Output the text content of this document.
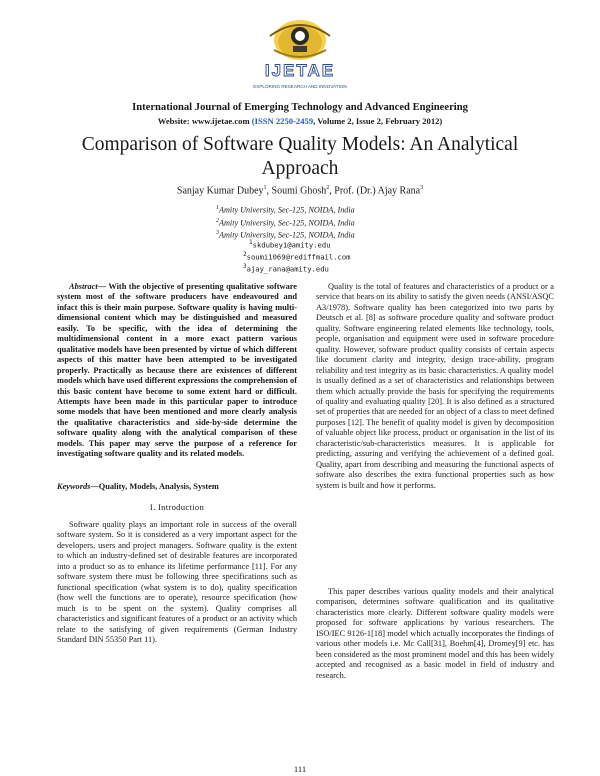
IJETAE
EXPLORING RESEARCH AND INNOVATION
International Journal of Emerging Technology and Advanced Engineering
Website: www.ijetae.com (ISSN 2250-2459, Volume 2, Issue 2, February 2012)
Comparison of Software Quality Models: An Analytical Approach
Sanjay Kumar Dubey$^1$, Soumi Ghosh$^2$, Prof. (Dr.) Ajay Rana$^3$
$^1$Amity University, Sec-125, NOIDA, India
$^2$Amity University, Sec-125, NOIDA, India
$^3$Amity University, Sec-125, NOIDA, India
$^1$skdubey1@amity.edu
$^2$soumi1069@rediffmail.com
$^3$ajay_rana@amity.edu
Abstract— With the objective of presenting qualitative software system most of the software producers have endeavoured and infact this is their main purpose. Software quality is having multi-dimensional content which may be distinguished and measured easily. To be specific, with the idea of determining the multidimensional content in a more exact pattern various qualitative models have been presented by virtue of which different aspects of this matter have been attempted to be investigated properly. Practically as because there are existences of different models which have used different expressions the comprehension of this basic content have become to some extent hard or difficult. Attempts have been made in this particular paper to introduce some models that have been mentioned and more clearly analysis the qualitative characteristics and side-by-side determine the software quality along with the analytical comparison of these models. This paper may serve the purpose of a reference for investigating software quality and its related models.
Keywords—Quality, Models, Analysis, System
I. Introduction
Software quality plays an important role in success of the overall software system. So it is considered as a very important aspect for the developers, users and project managers. Software quality is the extent to which an industry-defined set of desirable features are incorporated into a product so as to enhance its lifetime performance [11]. For any software system there must be following three specifications such as functional specification (what system is to do), quality specification (how well the functions are to operate), resource specification (how much is to be spent on the system). Quality comprises all characteristics and significant features of a product or an activity which relate to the satisfying of given requirements (German Industry Standard DIN 55350 Part 11).
Quality is the total of features and characteristics of a product or a service that bears on its ability to satisfy the given needs (ANSI/ASQC A3/1978). Software quality has been categorized into two parts by Deutsch et al. [8] as software procedure quality and software product quality. Software engineering related elements like technology, tools, people, organisation and equipment were used in software procedure quality. However, software product quality consists of certain aspects like document clarity and integrity, design trace-ability, program reliability and test integrity as its basic characteristics. A quality model is usually defined as a set of characteristics and relationships between them which actually provide the basis for specifying the requirements of quality and evaluating quality [20]. It is also defined as a structured set of properties that are needed for an object of a class to meet defined purposes [12]. The benefit of quality model is given by decomposition of valuable object like process, product or organisation in the list of its characteristic/sub-characteristics measures. It is applicable for predicting, assuring and verifying the achievement of a defined goal. Quality, apart from describing and measuring the functional aspects of software also describes the extra functional properties such as how system is built and how it performs.
This paper describes various quality models and their analytical comparison, determines software qualification and its qualitative characteristics more clearly. Different software quality models were proposed for software applications by various researchers. The ISO/IEC 9126-1[18] model which actually incorporates the findings of various other models i.e. Mc Call[31], Boehm[4], Dromey[9] etc. has been considered as the most prominent model and this has been widely accepted and recognised as a basic model in field of industry and research.
111
